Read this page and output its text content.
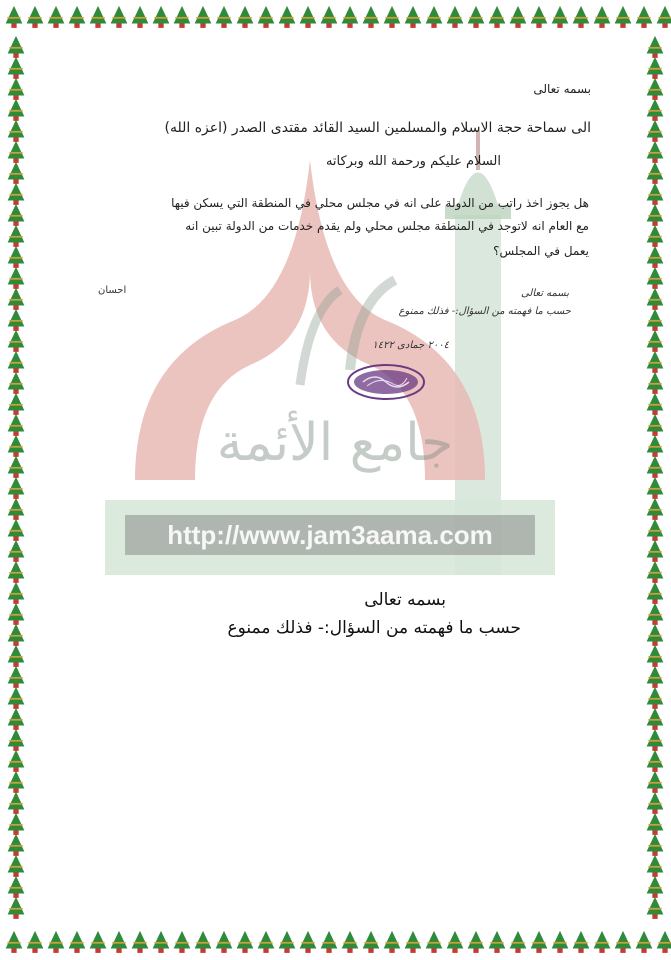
http://www.jam3aama.com
جامع الأئمة
بسمه تعالى
الى سماحة حجة الاسلام والمسلمين السيد القائد مقتدى الصدر (اعزه الله)
السلام عليكم ورحمة الله وبركاته
هل يجوز اخذ راتب من الدولة على انه في مجلس محلي في المنطقة التي يسكن فيها
مع العام انه لاتوجد في المنطقة مجلس محلي ولم يقدم خدمات من الدولة تبين انه
يعمل في المجلس؟
احسان	بسمه تعالى
حسب ما فهمته من السؤال:- فذلك ممنوع
٢٠٠٤ جمادى ١٤٢٢
بسمه تعالى
حسب ما فهمته من السؤال:- فذلك ممنوع
